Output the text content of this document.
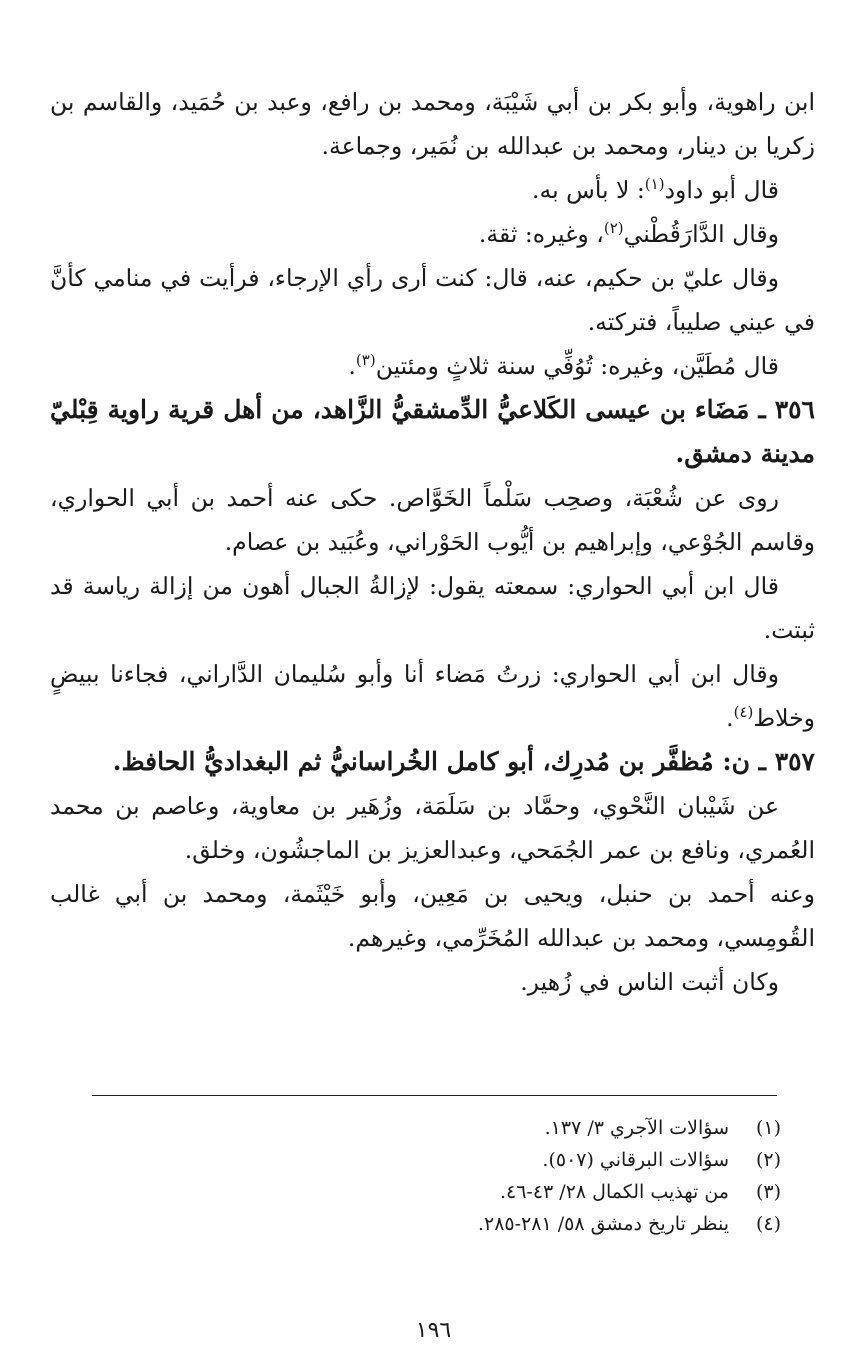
ابن راهوية، وأبو بكر بن أبي شَيْبَة، ومحمد بن رافع، وعبد بن حُمَيد، والقاسم بن زكريا بن دينار، ومحمد بن عبدالله بن نُمَير، وجماعة.

قال أبو داود$^{(١)}$: لا بأس به.

وقال الدَّارَقُطْني$^{(٢)}$، وغيره: ثقة.

وقال عليّ بن حكيم، عنه، قال: كنت أرى رأي الإرجاء، فرأيت في منامي كأنَّ في عيني صليباً، فتركته.

قال مُطَيَّن، وغيره: تُوُفِّي سنة ثلاثٍ ومئتين$^{(٣)}$.

٣٥٦ ـ مَضَاء بن عيسى الكَلاعيُّ الدِّمشقيُّ الزَّاهد، من أهل قرية راوية قِبْليّ مدينة دمشق.

روى عن شُعْبَة، وصحِب سَلْماً الخَوَّاص. حكى عنه أحمد بن أبي الحواري، وقاسم الجُوْعي، وإبراهيم بن أيُّوب الحَوْراني، وعُبَيد بن عصام.

قال ابن أبي الحواري: سمعته يقول: لإزالةُ الجبال أهون من إزالة رياسة قد ثبتت.

وقال ابن أبي الحواري: زرتُ مَضاء أنا وأبو سُليمان الدَّاراني، فجاءنا ببيضٍ وخلاط$^{(٤)}$.

٣٥٧ ـ ن: مُظفَّر بن مُدرِك، أبو كامل الخُراسانيُّ ثم البغداديُّ الحافظ.

عن شَيْبان النَّحْوي، وحمَّاد بن سَلَمَة، وزُهَير بن معاوية، وعاصم بن محمد العُمري، ونافع بن عمر الجُمَحي، وعبدالعزيز بن الماجشُون، وخلق.

وعنه أحمد بن حنبل، ويحيى بن مَعِين، وأبو خَيْثَمة، ومحمد بن أبي غالب القُومِسي، ومحمد بن عبدالله المُخَرِّمي، وغيرهم.

وكان أثبت الناس في زُهير.

(١)
سؤالات الآجري ٣/ ١٣٧.
(٢)
سؤالات البرقاني (٥٠٧).
(٣)
من تهذيب الكمال ٢٨/ ٤٣-٤٦.
(٤)
ينظر تاريخ دمشق ٥٨/ ٢٨١-٢٨٥.
١٩٦
